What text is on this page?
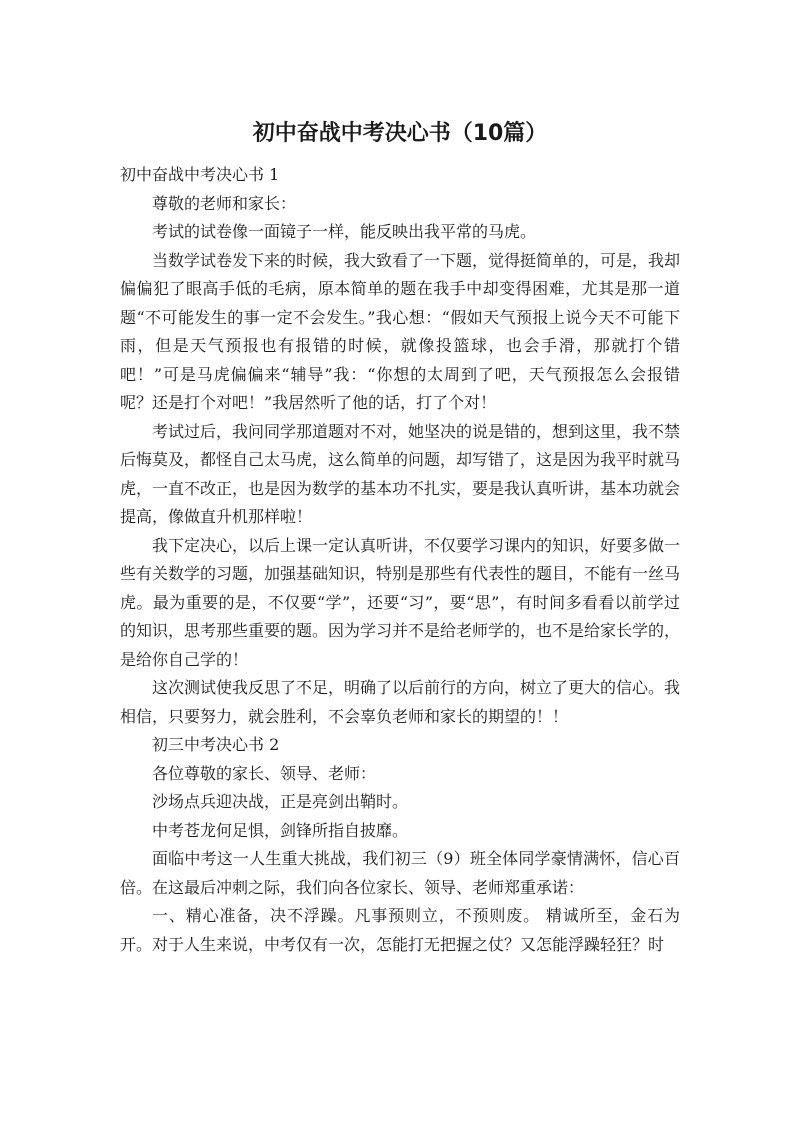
初中奋战中考决心书（10篇）

初中奋战中考决心书 1

尊敬的老师和家长：

考试的试卷像一面镜子一样，能反映出我平常的马虎。

当数学试卷发下来的时候，我大致看了一下题，觉得挺简单的，可是，我却偏偏犯了眼高手低的毛病，原本简单的题在我手中却变得困难，尤其是那一道题“不可能发生的事一定不会发生。”我心想：“假如天气预报上说今天不可能下雨，但是天气预报也有报错的时候，就像投篮球，也会手滑，那就打个错吧！”可是马虎偏偏来“辅导”我：“你想的太周到了吧，天气预报怎么会报错呢？还是打个对吧！”我居然听了他的话，打了个对！

考试过后，我问同学那道题对不对，她坚决的说是错的，想到这里，我不禁后悔莫及，都怪自己太马虎，这么简单的问题，却写错了，这是因为我平时就马虎，一直不改正，也是因为数学的基本功不扎实，要是我认真听讲，基本功就会提高，像做直升机那样啦！

我下定决心，以后上课一定认真听讲，不仅要学习课内的知识，好要多做一些有关数学的习题，加强基础知识，特别是那些有代表性的题目，不能有一丝马虎。最为重要的是，不仅要“学”，还要“习”，要“思”，有时间多看看以前学过的知识，思考那些重要的题。因为学习并不是给老师学的，也不是给家长学的，是给你自己学的！

这次测试使我反思了不足，明确了以后前行的方向，树立了更大的信心。我相信，只要努力，就会胜利，不会辜负老师和家长的期望的！！

初三中考决心书 2

各位尊敬的家长、领导、老师：

沙场点兵迎决战，正是亮剑出鞘时。

中考苍龙何足惧，剑锋所指自披靡。

面临中考这一人生重大挑战，我们初三（9）班全体同学豪情满怀，信心百倍。在这最后冲刺之际，我们向各位家长、领导、老师郑重承诺：

一、精心准备，决不浮躁。凡事预则立，不预则废。 精诚所至，金石为开。对于人生来说，中考仅有一次，怎能打无把握之仗？又怎能浮躁轻狂？时
